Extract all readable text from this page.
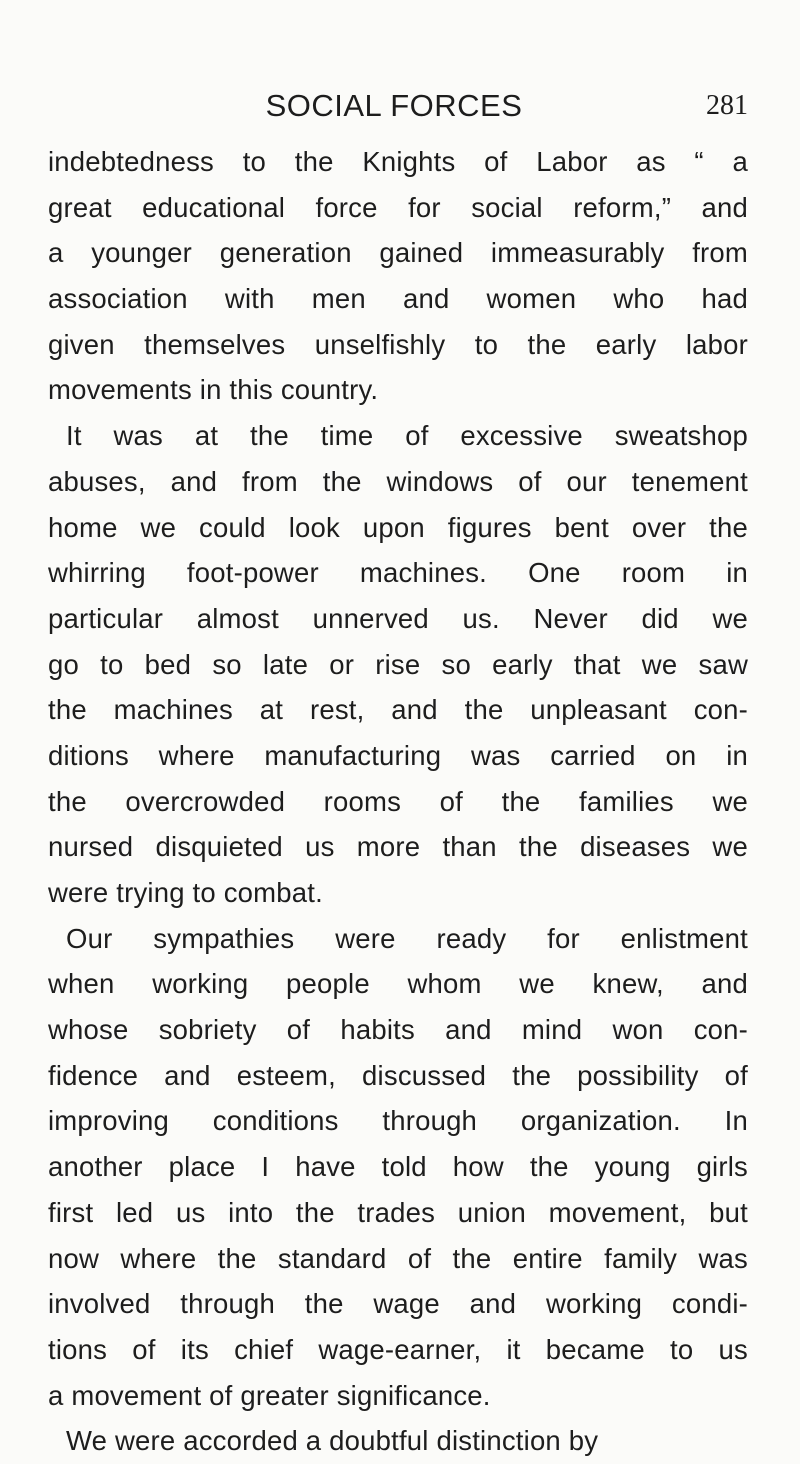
SOCIAL FORCES	281
indebtedness to the Knights of Labor as “ a
great educational force for social reform,” and
a younger generation gained immeasurably from
association with men and women who had
given themselves unselfishly to the early labor
movements in this country.
It was at the time of excessive sweatshop
abuses, and from the windows of our tenement
home we could look upon figures bent over the
whirring foot-power machines. One room in
particular almost unnerved us. Never did we
go to bed so late or rise so early that we saw
the machines at rest, and the unpleasant con-
ditions where manufacturing was carried on in
the overcrowded rooms of the families we
nursed disquieted us more than the diseases we
were trying to combat.
Our sympathies were ready for enlistment
when working people whom we knew, and
whose sobriety of habits and mind won con-
fidence and esteem, discussed the possibility of
improving conditions through organization. In
another place I have told how the young girls
first led us into the trades union movement, but
now where the standard of the entire family was
involved through the wage and working condi-
tions of its chief wage-earner, it became to us
a movement of greater significance.
We were accorded a doubtful distinction by
